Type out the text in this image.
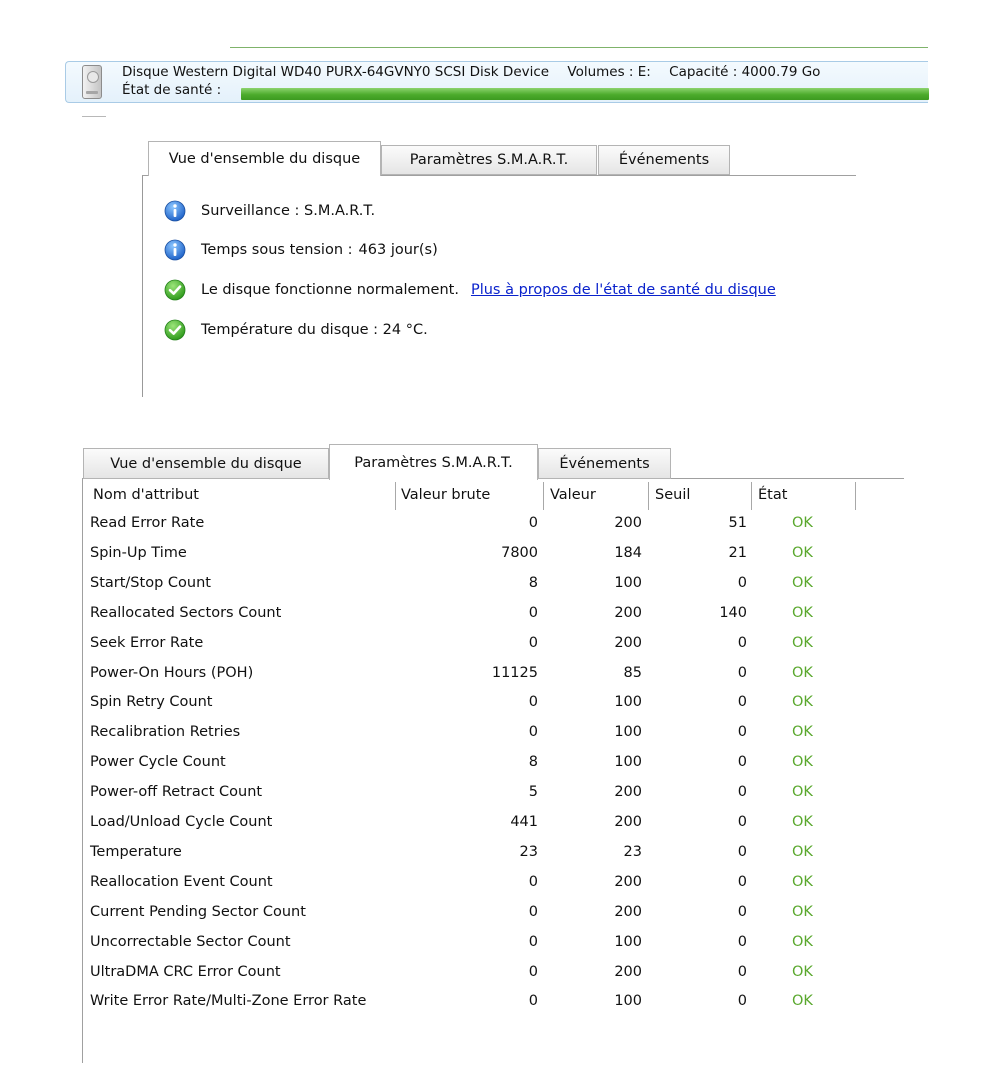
Disque Western Digital WD40 PURX-64GVNY0 SCSI Disk Device Volumes : E: Capacité : 4000.79 Go
État de santé :
Vue d'ensemble du disque	Paramètres S.M.A.R.T.	Événements
Surveillance : S.M.A.R.T.
Temps sous tension : 463 jour(s)
Le disque fonctionne normalement. Plus à propos de l'état de santé du disque
Température du disque : 24 °C.
Vue d'ensemble du disque	Paramètres S.M.A.R.T.	Événements
Nom d'attribut	Valeur brute	Valeur	Seuil	État
Read Error Rate	0	200	51	OK
Spin-Up Time	7800	184	21	OK
Start/Stop Count	8	100	0	OK
Reallocated Sectors Count	0	200	140	OK
Seek Error Rate	0	200	0	OK
Power-On Hours (POH)	11125	85	0	OK
Spin Retry Count	0	100	0	OK
Recalibration Retries	0	100	0	OK
Power Cycle Count	8	100	0	OK
Power-off Retract Count	5	200	0	OK
Load/Unload Cycle Count	441	200	0	OK
Temperature	23	23	0	OK
Reallocation Event Count	0	200	0	OK
Current Pending Sector Count	0	200	0	OK
Uncorrectable Sector Count	0	100	0	OK
UltraDMA CRC Error Count	0	200	0	OK
Write Error Rate/Multi-Zone Error Rate	0	100	0	OK
